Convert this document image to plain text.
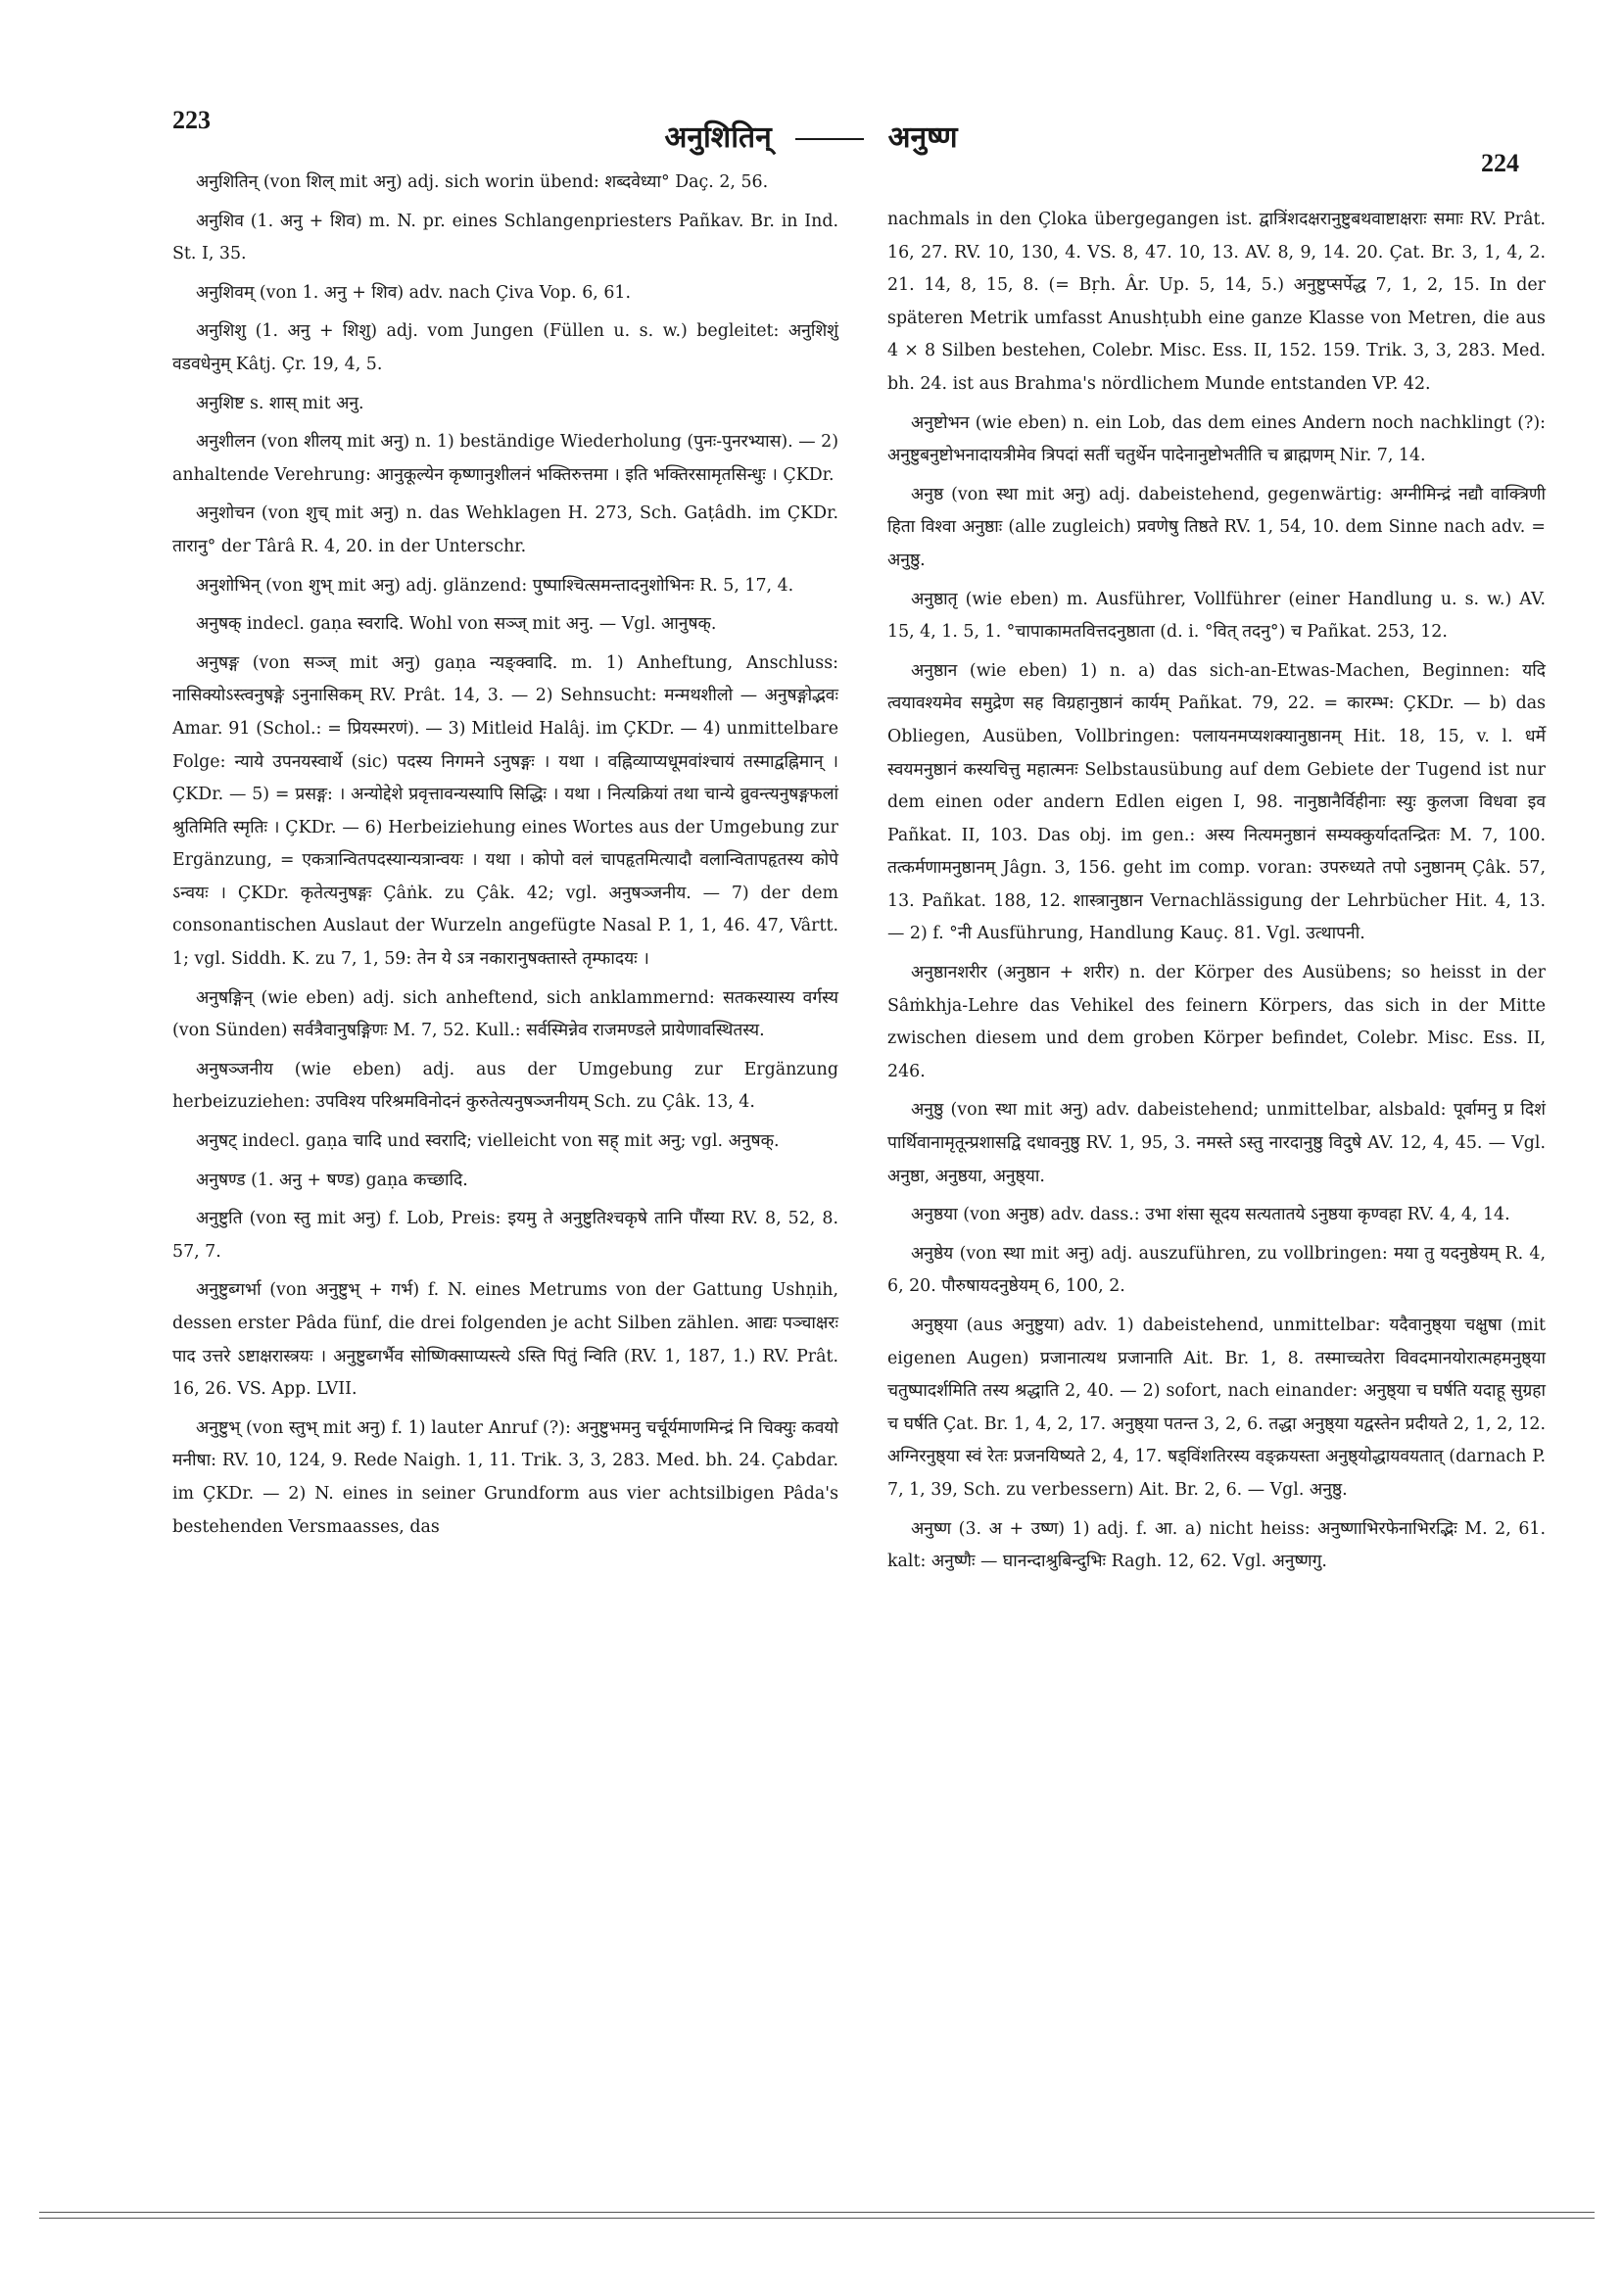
223
अनुशितिन्	अनुष्ण
224

अनुशितिन् (von शिल् mit अनु) adj. sich worin übend: शब्दवेध्या° Daç. 2, 56.

अनुशिव (1. अनु + शिव) m. N. pr. eines Schlangenpriesters Pañkav. Br. in Ind. St. I, 35.

अनुशिवम् (von 1. अनु + शिव) adv. nach Çiva Vop. 6, 61.

अनुशिशु (1. अनु + शिशु) adj. vom Jungen (Füllen u. s. w.) begleitet: अनुशिशुं वडवधेनुम् Kâtj. Çr. 19, 4, 5.

अनुशिष्ट s. शास् mit अनु.

अनुशीलन (von शीलय् mit अनु) n. 1) beständige Wiederholung (पुनः-पुनरभ्यास). — 2) anhaltende Verehrung: आनुकूल्येन कृष्णानुशीलनं भक्तिरुत्तमा । इति भक्तिरसामृतसिन्धुः । ÇKDr.

अनुशोचन (von शुच् mit अनु) n. das Wehklagen H. 273, Sch. Gaṭâdh. im ÇKDr. तारानु° der Târâ R. 4, 20. in der Unterschr.

अनुशोभिन् (von शुभ् mit अनु) adj. glänzend: पुष्पाश्चित्समन्तादनुशोभिनः R. 5, 17, 4.

अनुषक् indecl. gaṇa स्वरादि. Wohl von सञ्ज् mit अनु. — Vgl. आनुषक्.

अनुषङ्ग (von सञ्ज् mit अनु) gaṇa न्यङ्क्वादि. m. 1) Anheftung, Anschluss: नासिक्योऽस्त्वनुषङ्गे ऽनुनासिकम् RV. Prât. 14, 3. — 2) Sehnsucht: मन्मथशीलो — अनुषङ्गोद्भवः Amar. 91 (Schol.: = प्रियस्मरणं). — 3) Mitleid Halâj. im ÇKDr. — 4) unmittelbare Folge: न्याये उपनयस्वार्थे (sic) पदस्य निगमने ऽनुषङ्गः । यथा । वह्निव्याप्यधूमवांश्चायं तस्माद्वह्निमान् । ÇKDr. — 5) = प्रसङ्ग: । अन्योद्देशे प्रवृत्तावन्यस्यापि सिद्धिः । यथा । नित्यक्रियां तथा चान्ये व्रुवन्त्यनुषङ्गफलां श्रुतिमिति स्मृतिः । ÇKDr. — 6) Herbeiziehung eines Wortes aus der Umgebung zur Ergänzung, = एकत्रान्वितपदस्यान्यत्रान्वयः । यथा । कोपो वलं चापहृतमित्यादौ वलान्वितापहृतस्य कोपे ऽन्वयः । ÇKDr. कृतेत्यनुषङ्गः Çâṅk. zu Çâk. 42; vgl. अनुषञ्जनीय. — 7) der dem consonantischen Auslaut der Wurzeln angefügte Nasal P. 1, 1, 46. 47, Vârtt. 1; vgl. Siddh. K. zu 7, 1, 59: तेन ये ऽत्र नकारानुषक्तास्ते तृम्फादयः ।

अनुषङ्गिन् (wie eben) adj. sich anheftend, sich anklammernd: सतकस्यास्य वर्गस्य (von Sünden) सर्वत्रैवानुषङ्गिणः M. 7, 52. Kull.: सर्वस्मिन्नेव राजमण्डले प्रायेणावस्थितस्य.

अनुषञ्जनीय (wie eben) adj. aus der Umgebung zur Ergänzung herbeizuziehen: उपविश्य परिश्रमविनोदनं कुरुतेत्यनुषञ्जनीयम् Sch. zu Çâk. 13, 4.

अनुषट् indecl. gaṇa चादि und स्वरादि; vielleicht von सह् mit अनु; vgl. अनुषक्.

अनुषण्ड (1. अनु + षण्ड) gaṇa कच्छादि.

अनुष्टुति (von स्तु mit अनु) f. Lob, Preis: इयमु ते अनुष्टुतिश्चकृषे तानि पौंस्या RV. 8, 52, 8. 57, 7.

अनुष्टुब्गर्भा (von अनुष्टुभ् + गर्भ) f. N. eines Metrums von der Gattung Ushṇih, dessen erster Pâda fünf, die drei folgenden je acht Silben zählen. आद्यः पञ्चाक्षरः पाद उत्तरे ऽष्टाक्षरास्त्रयः । अनुष्टुब्गर्भैव सोष्णिक्साप्यस्त्ये ऽस्ति पितुं न्विति (RV. 1, 187, 1.) RV. Prât. 16, 26. VS. App. LVII.

अनुष्टुभ् (von स्तुभ् mit अनु) f. 1) lauter Anruf (?): अनुष्टुभमनु चर्चूर्यमाणमिन्द्रं नि चिक्युः कवयो मनीषा: RV. 10, 124, 9. Rede Naigh. 1, 11. Trik. 3, 3, 283. Med. bh. 24. Çabdar. im ÇKDr. — 2) N. eines in seiner Grundform aus vier achtsilbigen Pâda's bestehenden Versmaasses, das

nachmals in den Çloka übergegangen ist. द्वात्रिंशदक्षरानुष्टुबथवाष्टाक्षराः समाः RV. Prât. 16, 27. RV. 10, 130, 4. VS. 8, 47. 10, 13. AV. 8, 9, 14. 20. Çat. Br. 3, 1, 4, 2. 21. 14, 8, 15, 8. (= Bṛh. Âr. Up. 5, 14, 5.) अनुष्टुप्सर्पेद्ध 7, 1, 2, 15. In der späteren Metrik umfasst Anushṭubh eine ganze Klasse von Metren, die aus 4 × 8 Silben bestehen, Colebr. Misc. Ess. II, 152. 159. Trik. 3, 3, 283. Med. bh. 24. ist aus Brahma's nördlichem Munde entstanden VP. 42.

अनुष्टोभन (wie eben) n. ein Lob, das dem eines Andern noch nachklingt (?): अनुष्टुबनुष्टोभनादायत्रीमेव त्रिपदां सतीं चतुर्थेन पादेनानुष्टोभतीति च ब्राह्मणम् Nir. 7, 14.

अनुष्ठ (von स्था mit अनु) adj. dabeistehend, gegenwärtig: अग्नीमिन्द्रं नद्यौ वाक्त्रिणी हिता विश्वा अनुष्ठाः (alle zugleich) प्रवणेषु तिष्ठते RV. 1, 54, 10. dem Sinne nach adv. = अनुष्ठु.

अनुष्ठातृ (wie eben) m. Ausführer, Vollführer (einer Handlung u. s. w.) AV. 15, 4, 1. 5, 1. °चापाकामतवित्तदनुष्ठाता (d. i. °वित् तदनु°) च Pañkat. 253, 12.

अनुष्ठान (wie eben) 1) n. a) das sich-an-Etwas-Machen, Beginnen: यदि त्वयावश्यमेव समुद्रेण सह विग्रहानुष्ठानं कार्यम् Pañkat. 79, 22. = कारम्भ: ÇKDr. — b) das Obliegen, Ausüben, Vollbringen: पलायनमप्यशक्यानुष्ठानम् Hit. 18, 15, v. l. धर्मे स्वयमनुष्ठानं कस्यचित्तु महात्मनः Selbstausübung auf dem Gebiete der Tugend ist nur dem einen oder andern Edlen eigen I, 98. नानुष्ठानैर्विहीनाः स्युः कुलजा विधवा इव Pañkat. II, 103. Das obj. im gen.: अस्य नित्यमनुष्ठानं सम्यक्कुर्यादतन्द्रितः M. 7, 100. तत्कर्मणामनुष्ठानम् Jâgn. 3, 156. geht im comp. voran: उपरुध्यते तपो ऽनुष्ठानम् Çâk. 57, 13. Pañkat. 188, 12. शास्त्रानुष्ठान Vernachlässigung der Lehrbücher Hit. 4, 13. — 2) f. °नी Ausführung, Handlung Kauç. 81. Vgl. उत्थापनी.

अनुष्ठानशरीर (अनुष्ठान + शरीर) n. der Körper des Ausübens; so heisst in der Sâṁkhja-Lehre das Vehikel des feinern Körpers, das sich in der Mitte zwischen diesem und dem groben Körper befindet, Colebr. Misc. Ess. II, 246.

अनुष्ठु (von स्था mit अनु) adv. dabeistehend; unmittelbar, alsbald: पूर्वामनु प्र दिशं पार्थिवानामृतून्प्रशासद्वि दधावनुष्ठु RV. 1, 95, 3. नमस्ते ऽस्तु नारदानुष्ठु विदुषे AV. 12, 4, 45. — Vgl. अनुष्ठा, अनुष्ठया, अनुष्ठ्या.

अनुष्ठया (von अनुष्ठ) adv. dass.: उभा शंसा सूदय सत्यतातये ऽनुष्ठया कृण्वहा RV. 4, 4, 14.

अनुष्ठेय (von स्था mit अनु) adj. auszuführen, zu vollbringen: मया तु यदनुष्ठेयम् R. 4, 6, 20. पौरुषायदनुष्ठेयम् 6, 100, 2.

अनुष्ठ्या (aus अनुष्टुया) adv. 1) dabeistehend, unmittelbar: यदैवानुष्ठ्या चक्षुषा (mit eigenen Augen) प्रजानात्यथ प्रजानाति Ait. Br. 1, 8. तस्माच्चतेरा विवदमानयोरात्महमनुष्ठ्या चतुष्पादर्शमिति तस्य श्रद्धाति 2, 40. — 2) sofort, nach einander: अनुष्ठ्या च घर्षति यदाहू सुग्रहा च घर्षति Çat. Br. 1, 4, 2, 17. अनुष्ठ्या पतन्त 3, 2, 6. तद्धा अनुष्ठ्या यद्वस्तेन प्रदीयते 2, 1, 2, 12. अग्निरनुष्ठ्या स्वं रेतः प्रजनयिष्यते 2, 4, 17. षड्विंशतिरस्य वङ्क्रयस्ता अनुष्ठ्योद्धायवयतात् (darnach P. 7, 1, 39, Sch. zu verbessern) Ait. Br. 2, 6. — Vgl. अनुष्ठु.

अनुष्ण (3. अ + उष्ण) 1) adj. f. आ. a) nicht heiss: अनुष्णाभिरफेनाभिरद्भिः M. 2, 61. kalt: अनुष्णैः — घानन्दाश्रुबिन्दुभिः Ragh. 12, 62. Vgl. अनुष्णगु.
